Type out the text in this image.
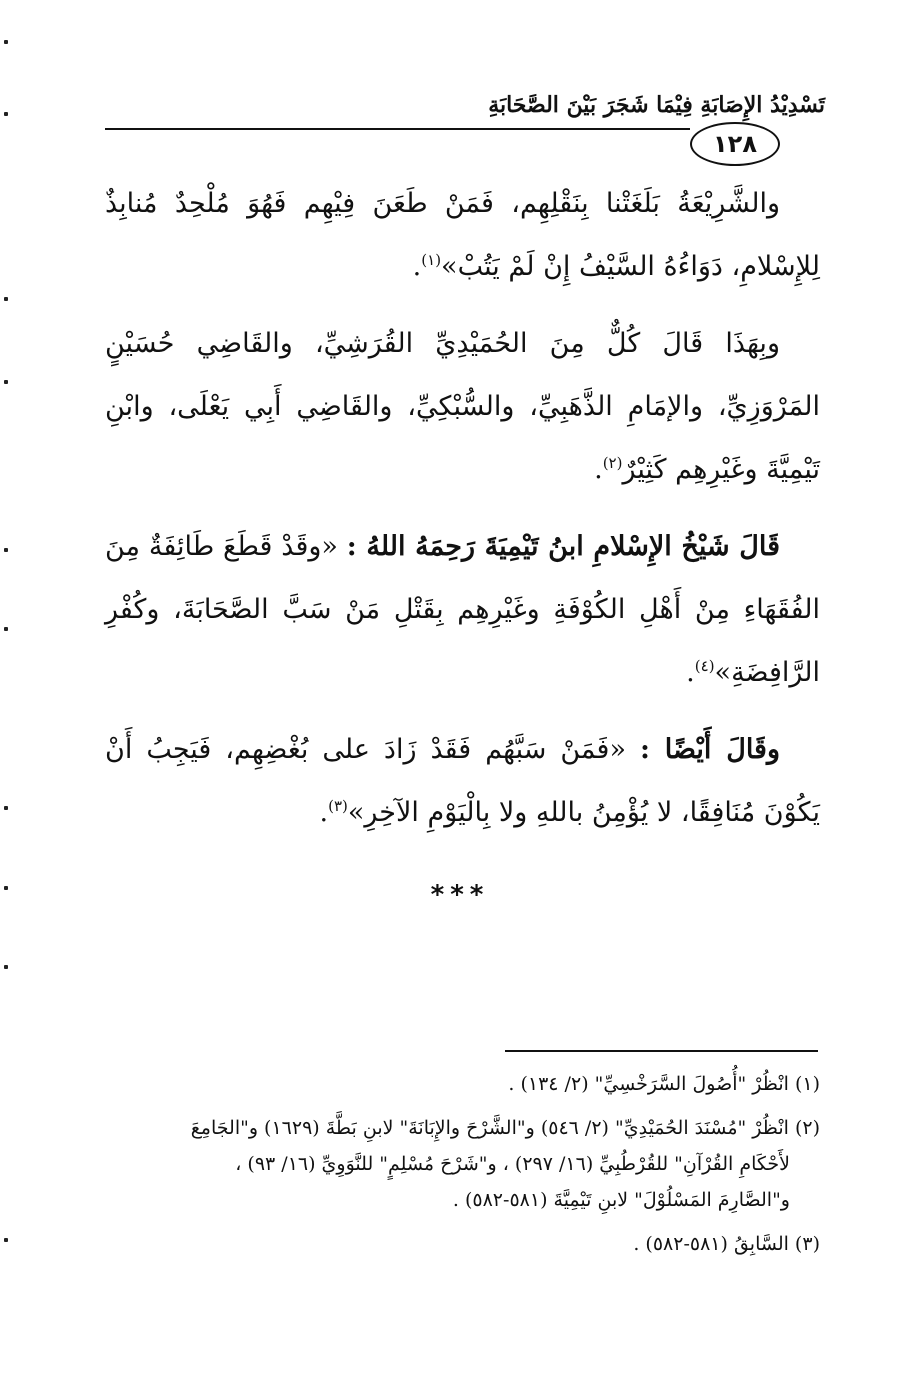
تَسْدِيْدُ الإِصَابَةِ فِيْمَا شَجَرَ بَيْنَ الصَّحَابَةِ
١٢٨

والشَّرِيْعَةُ بَلَغَتْنا بِنَقْلِهِم، فَمَنْ طَعَنَ فِيْهِم فَهُوَ مُلْحِدٌ مُنابِذٌ لِلإِسْلامِ، دَوَاءُهُ السَّيْفُ إِنْ لَمْ يَتُبْ»$^{(١)}$.

وبِهَذَا قَالَ كُلٌّ مِنَ الحُمَيْدِيِّ القُرَشِيِّ، والقَاضِي حُسَيْنٍ المَرْوَزِيِّ، والإمَامِ الذَّهَبِيِّ، والسُّبْكِيِّ، والقَاضِي أَبِي يَعْلَى، وابْنِ تَيْمِيَّةَ وغَيْرِهِم كَثِيْرٌ$^{(٢)}$.

قَالَ شَيْخُ الإِسْلامِ ابنُ تَيْمِيَةَ رَحِمَهُ اللهُ : «وقَدْ قَطَعَ طَائِفَةٌ مِنَ الفُقَهَاءِ مِنْ أَهْلِ الكُوْفَةِ وغَيْرِهِم بِقَتْلِ مَنْ سَبَّ الصَّحَابَةَ، وكُفْرِ الرَّافِضَةِ»$^{(٤)}$.

وقَالَ أَيْضًا : «فَمَنْ سَبَّهُم فَقَدْ زَادَ على بُغْضِهِم، فَيَجِبُ أَنْ يَكُوْنَ مُنَافِقًا، لا يُؤْمِنُ باللهِ ولا بِالْيَوْمِ الآخِرِ»$^{(٣)}$.

***

(١) انْظُرْ "أُصُولَ السَّرَخْسِيِّ" (٢/ ١٣٤) .

(٢) انْظُرْ "مُسْنَدَ الحُمَيْدِيِّ" (٢/ ٥٤٦) و"الشَّرْحَ والإِبَانَةَ" لابنِ بَطَّةَ (١٦٢٩) و"الجَامِعَ
لأَحْكَامِ القُرْآنِ" للقُرْطُبِيِّ (١٦/ ٢٩٧) ، و"شَرْحَ مُسْلِمٍ" للنَّوَوِيِّ (١٦/ ٩٣) ،
و"الصَّارِمَ المَسْلُوْلَ" لابنِ تَيْمِيَّةَ (٥٨١-٥٨٢) .

(٣) السَّابِقُ (٥٨١-٥٨٢) .
